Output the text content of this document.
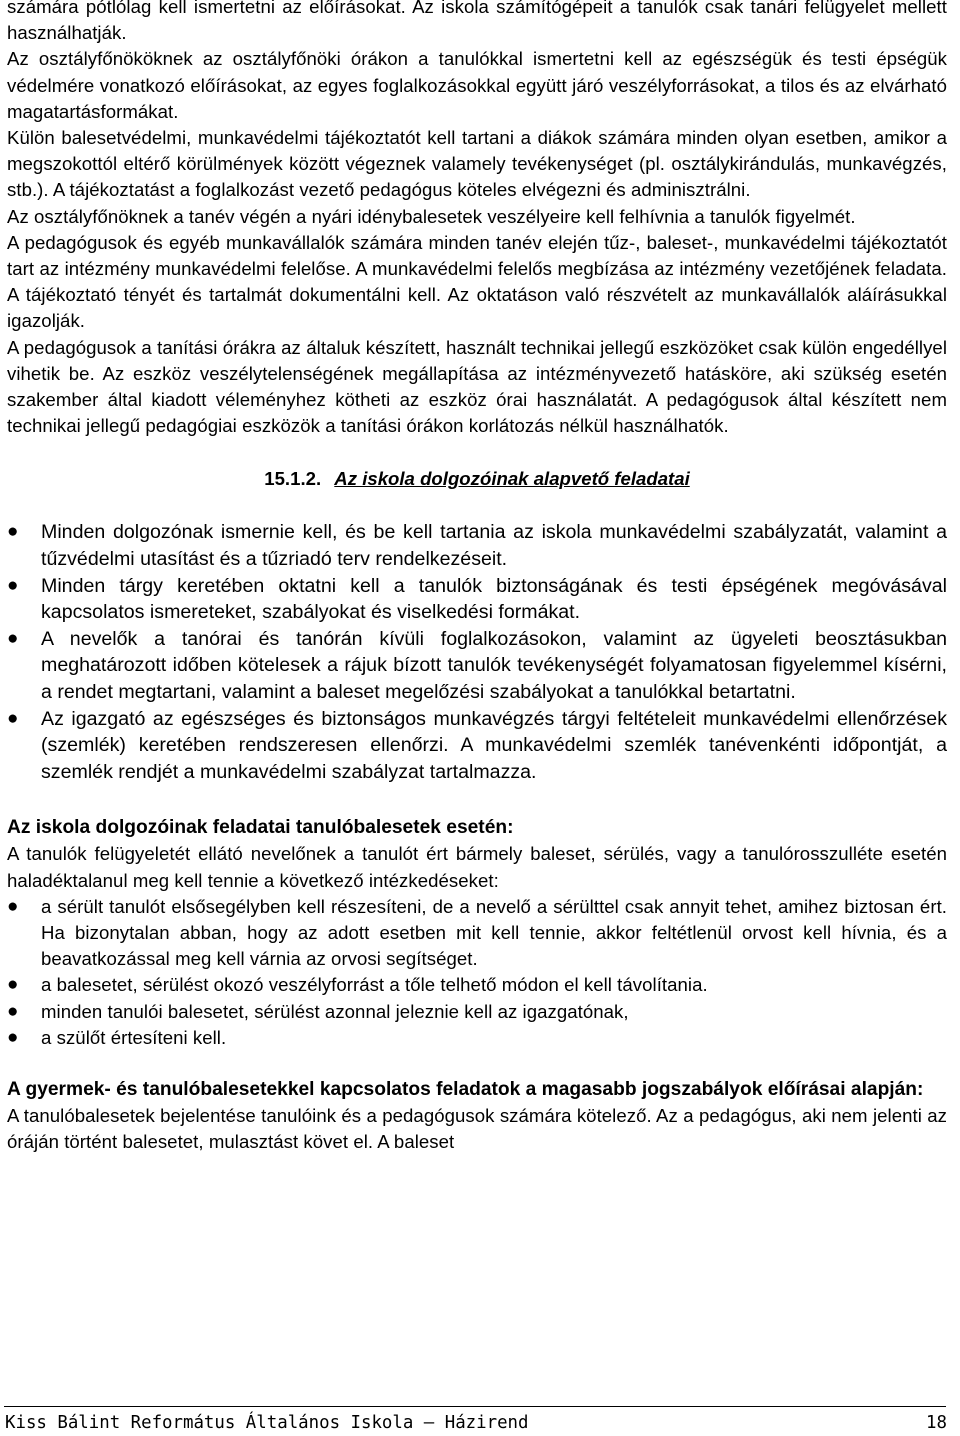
számára pótlólag kell ismertetni az előírásokat. Az iskola számítógépeit a tanulók csak tanári felügyelet mellett használhatják.

Az osztályfőnököknek az osztályfőnöki órákon a tanulókkal ismertetni kell az egészségük és testi épségük védelmére vonatkozó előírásokat, az egyes foglalkozásokkal együtt járó veszélyforrásokat, a tilos és az elvárható magatartásformákat.

Külön balesetvédelmi, munkavédelmi tájékoztatót kell tartani a diákok számára minden olyan esetben, amikor a megszokottól eltérő körülmények között végeznek valamely tevékenységet (pl. osztálykirándulás, munkavégzés, stb.). A tájékoztatást a foglalkozást vezető pedagógus köteles elvégezni és adminisztrálni.

Az osztályfőnöknek a tanév végén a nyári idénybalesetek veszélyeire kell felhívnia a tanulók figyelmét.

A pedagógusok és egyéb munkavállalók számára minden tanév elején tűz-, baleset-, munkavédelmi tájékoztatót tart az intézmény munkavédelmi felelőse. A munkavédelmi felelős megbízása az intézmény vezetőjének feladata. A tájékoztató tényét és tartalmát dokumentálni kell. Az oktatáson való részvételt az munkavállalók aláírásukkal igazolják.

A pedagógusok a tanítási órákra az általuk készített, használt technikai jellegű eszközöket csak külön engedéllyel vihetik be. Az eszköz veszélytelenségének megállapítása az intézményvezető hatásköre, aki szükség esetén szakember által kiadott véleményhez kötheti az eszköz órai használatát. A pedagógusok által készített nem technikai jellegű pedagógiai eszközök a tanítási órákon korlátozás nélkül használhatók.

15.1.2. Az iskola dolgozóinak alapvető feladatai
●	Minden dolgozónak ismernie kell, és be kell tartania az iskola munkavédelmi szabályzatát, valamint a tűzvédelmi utasítást és a tűzriadó terv rendelkezéseit.
●	Minden tárgy keretében oktatni kell a tanulók biztonságának és testi épségének megóvásával kapcsolatos ismereteket, szabályokat és viselkedési formákat.
●	A nevelők a tanórai és tanórán kívüli foglalkozásokon, valamint az ügyeleti beosztásukban meghatározott időben kötelesek a rájuk bízott tanulók tevékenységét folyamatosan figyelemmel kísérni, a rendet megtartani, valamint a baleset megelőzési szabályokat a tanulókkal betartatni.
●	Az igazgató az egészséges és biztonságos munkavégzés tárgyi feltételeit munkavédelmi ellenőrzések (szemlék) keretében rendszeresen ellenőrzi. A munkavédelmi szemlék tanévenkénti időpontját, a szemlék rendjét a munkavédelmi szabályzat tartalmazza.

Az iskola dolgozóinak feladatai tanulóbalesetek esetén:

A tanulók felügyeletét ellátó nevelőnek a tanulót ért bármely baleset, sérülés, vagy a tanulórosszulléte esetén haladéktalanul meg kell tennie a következő intézkedéseket:

●	a sérült tanulót elsősegélyben kell részesíteni, de a nevelő a sérülttel csak annyit tehet, amihez biztosan ért. Ha bizonytalan abban, hogy az adott esetben mit kell tennie, akkor feltétlenül orvost kell hívnia, és a beavatkozással meg kell várnia az orvosi segítséget.
●	a balesetet, sérülést okozó veszélyforrást a tőle telhető módon el kell távolítania.
●	minden tanulói balesetet, sérülést azonnal jeleznie kell az igazgatónak,
●	a szülőt értesíteni kell.

A gyermek- és tanulóbalesetekkel kapcsolatos feladatok a magasabb jogszabályok előírásai alapján:

A tanulóbalesetek bejelentése tanulóink és a pedagógusok számára kötelező. Az a pedagógus, aki nem jelenti az óráján történt balesetet, mulasztást követ el. A baleset

Kiss Bálint Református Általános Iskola – Házirend	18
